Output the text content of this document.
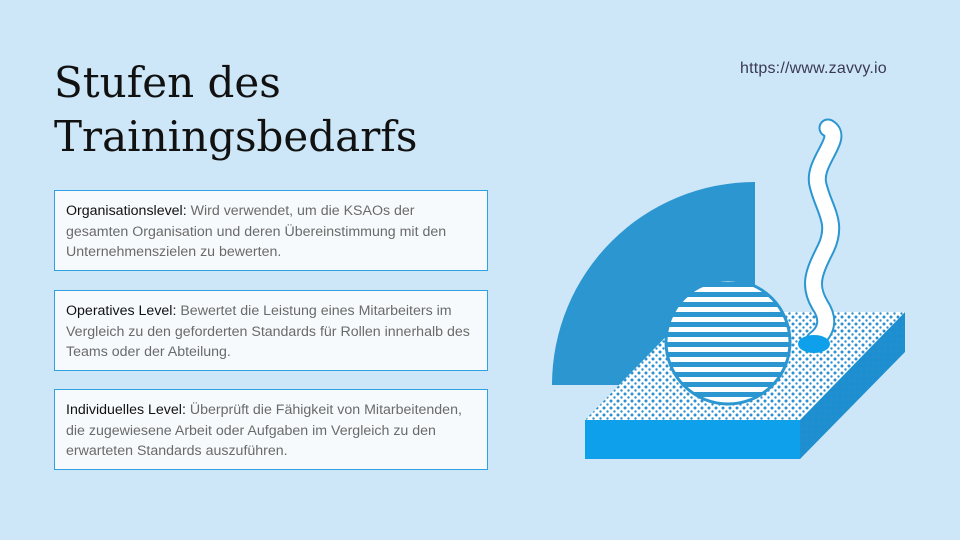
Stufen des Trainingsbedarfs
https://www.zavvy.io
Organisationslevel: Wird verwendet, um die KSAOs der gesamten Organisation und deren Übereinstimmung mit den Unternehmenszielen zu bewerten.
Operatives Level: Bewertet die Leistung eines Mitarbeiters im Vergleich zu den geforderten Standards für Rollen innerhalb des Teams oder der Abteilung.
Individuelles Level: Überprüft die Fähigkeit von Mitarbeitenden, die zugewiesene Arbeit oder Aufgaben im Vergleich zu den erwarteten Standards auszuführen.
